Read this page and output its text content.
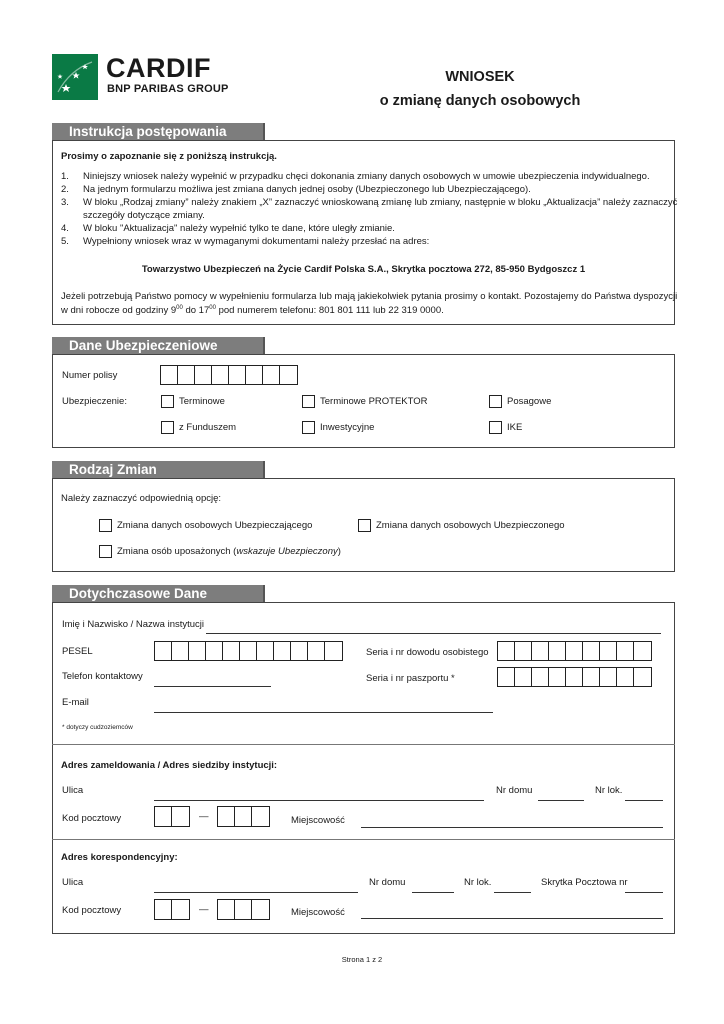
CARDIF
BNP PARIBAS GROUP
WNIOSEK
o zmianę danych osobowych
Instrukcja postępowania
Prosimy o zapoznanie się z poniższą instrukcją.
1. Niniejszy wniosek należy wypełnić w przypadku chęci dokonania zmiany danych osobowych w umowie ubezpieczenia indywidualnego.
2. Na jednym formularzu możliwa jest zmiana danych jednej osoby (Ubezpieczonego lub Ubezpieczającego).
3. W bloku „Rodzaj zmiany” należy znakiem „X” zaznaczyć wnioskowaną zmianę lub zmiany, następnie w bloku „Aktualizacja” należy zaznaczyć
szczegóły dotyczące zmiany.
4. W bloku "Aktualizacja" należy wypełnić tylko te dane, które uległy zmianie.
5. Wypełniony wniosek wraz w wymaganymi dokumentami należy przesłać na adres:
Towarzystwo Ubezpieczeń na Życie Cardif Polska S.A., Skrytka pocztowa 272, 85-950 Bydgoszcz 1
Jeżeli potrzebują Państwo pomocy w wypełnieniu formularza lub mają jakiekolwiek pytania prosimy o kontakt. Pozostajemy do Państwa dyspozycji
w dni robocze od godziny $9^{00}$ do $17^{00}$ pod numerem telefonu: 801 801 111 lub 22 319 0000.
Dane Ubezpieczeniowe
Numer polisy
Ubezpieczenie:	Terminowe	Terminowe PROTEKTOR	Posagowe
z Funduszem	Inwestycyjne	IKE
Rodzaj Zmian
Należy zaznaczyć odpowiednią opcję:
Zmiana danych osobowych Ubezpieczającego	Zmiana danych osobowych Ubezpieczonego
Zmiana osób uposażonych (wskazuje Ubezpieczony)
Dotychczasowe Dane
Imię i Nazwisko / Nazwa instytucji
PESEL	Seria i nr dowodu osobistego
Telefon kontaktowy	Seria i nr paszportu *
E-mail
* dotyczy cudzoziemców
Adres zameldowania / Adres siedziby instytucji:
Ulica	Nr domu	Nr lok.
Kod pocztowy	—	Miejscowość
Adres korespondencyjny:
Ulica	Nr domu	Nr lok.	Skrytka Pocztowa nr
Kod pocztowy	—	Miejscowość
Strona 1 z 2
